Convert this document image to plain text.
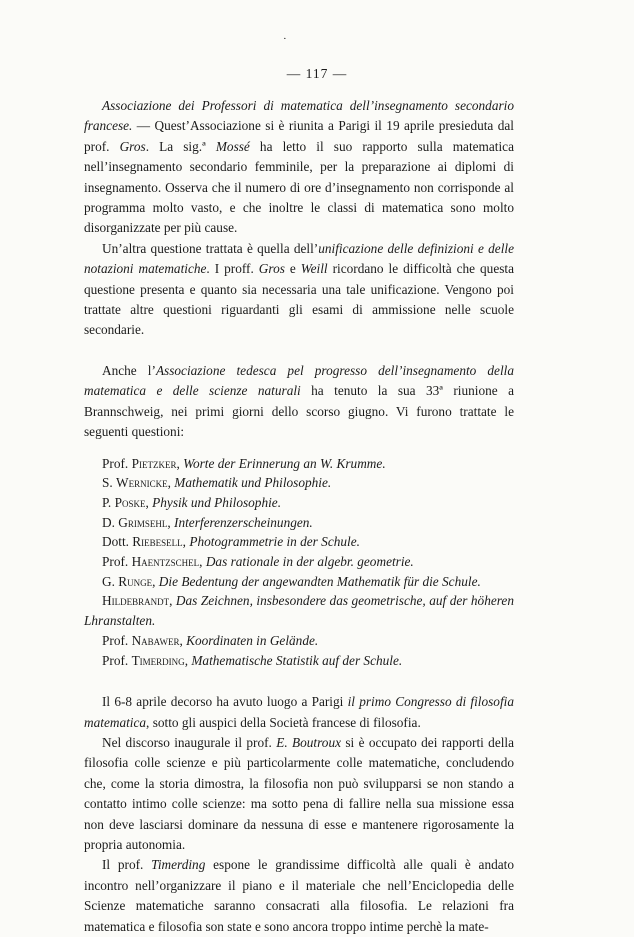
·
— 117 —

Associazione dei Professori di matematica dell’insegnamento secondario francese. — Quest’Associazione si è riunita a Parigi il 19 aprile presieduta dal prof. Gros. La sig.ª Mossé ha letto il suo rapporto sulla matematica nell’insegnamento secondario femminile, per la preparazione ai diplomi di insegnamento. Osserva che il numero di ore d’insegnamento non corrisponde al programma molto vasto, e che inoltre le classi di matematica sono molto disorganizzate per più cause.

Un’altra questione trattata è quella dell’unificazione delle definizioni e delle notazioni matematiche. I proff. Gros e Weill ricordano le difficoltà che questa questione presenta e quanto sia necessaria una tale unificazione. Vengono poi trattate altre questioni riguardanti gli esami di ammissione nelle scuole secondarie.

Anche l’Associazione tedesca pel progresso dell’insegnamento della matematica e delle scienze naturali ha tenuto la sua 33ª riunione a Brannschweig, nei primi giorni dello scorso giugno. Vi furono trattate le seguenti questioni:

Prof. Pietzker, Worte der Erinnerung an W. Krumme.
S. Wernicke, Mathematik und Philosophie.
P. Poske, Physik und Philosophie.
D. Grimsehl, Interferenzerscheinungen.
Dott. Riebesell, Photogrammetrie in der Schule.
Prof. Haentzschel, Das rationale in der algebr. geometrie.
G. Runge, Die Bedentung der angewandten Mathematik für die Schule.
Hildebrandt, Das Zeichnen, insbesondere das geometrische, auf der höheren Lhranstalten.
Prof. Nabawer, Koordinaten in Gelände.
Prof. Timerding, Mathematische Statistik auf der Schule.

Il 6-8 aprile decorso ha avuto luogo a Parigi il primo Congresso di filosofia matematica, sotto gli auspici della Società francese di filosofia.

Nel discorso inaugurale il prof. E. Boutroux si è occupato dei rapporti della filosofia colle scienze e più particolarmente colle matematiche, concludendo che, come la storia dimostra, la filosofia non può svilupparsi se non stando a contatto intimo colle scienze: ma sotto pena di fallire nella sua missione essa non deve lasciarsi dominare da nessuna di esse e mantenere rigorosamente la propria autonomia.

Il prof. Timerding espone le grandissime difficoltà alle quali è andato incontro nell’organizzare il piano e il materiale che nell’Enciclopedia delle Scienze matematiche saranno consacrati alla filosofia. Le relazioni fra matematica e filosofia son state e sono ancora troppo intime perchè la mate-
